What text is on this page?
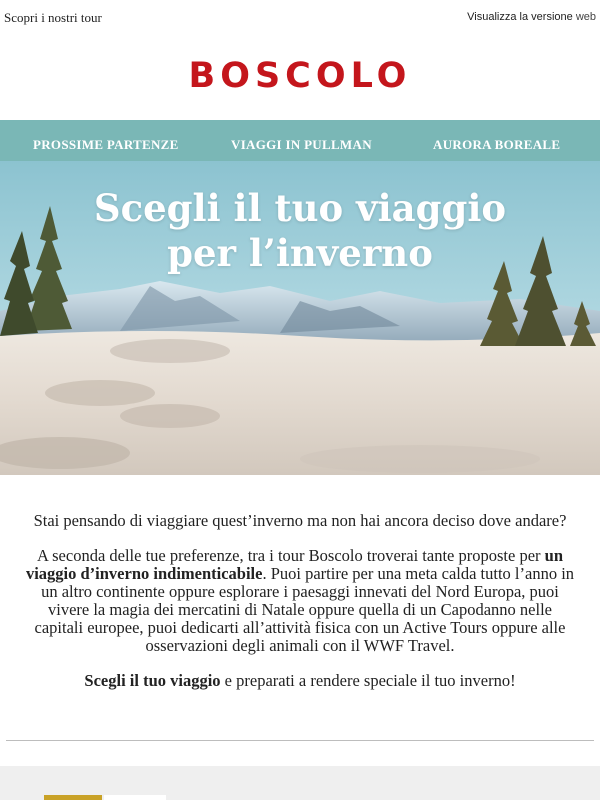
Scopri i nostri tour	Visualizza la versione web
BOSCOLO
PROSSIME PARTENZE	VIAGGI IN PULLMAN	AURORA BOREALE
Scegli il tuo viaggio
per l’inverno

Stai pensando di viaggiare quest’inverno ma non hai ancora deciso dove andare?

A seconda delle tue preferenze, tra i tour Boscolo troverai tante proposte per un viaggio d’inverno indimenticabile. Puoi partire per una meta calda tutto l’anno in un altro continente oppure esplorare i paesaggi innevati del Nord Europa, puoi vivere la magia dei mercatini di Natale oppure quella di un Capodanno nelle capitali europee, puoi dedicarti all’attività fisica con un Active Tours oppure alle osservazioni degli animali con il WWF Travel.

Scegli il tuo viaggio e preparati a rendere speciale il tuo inverno!
